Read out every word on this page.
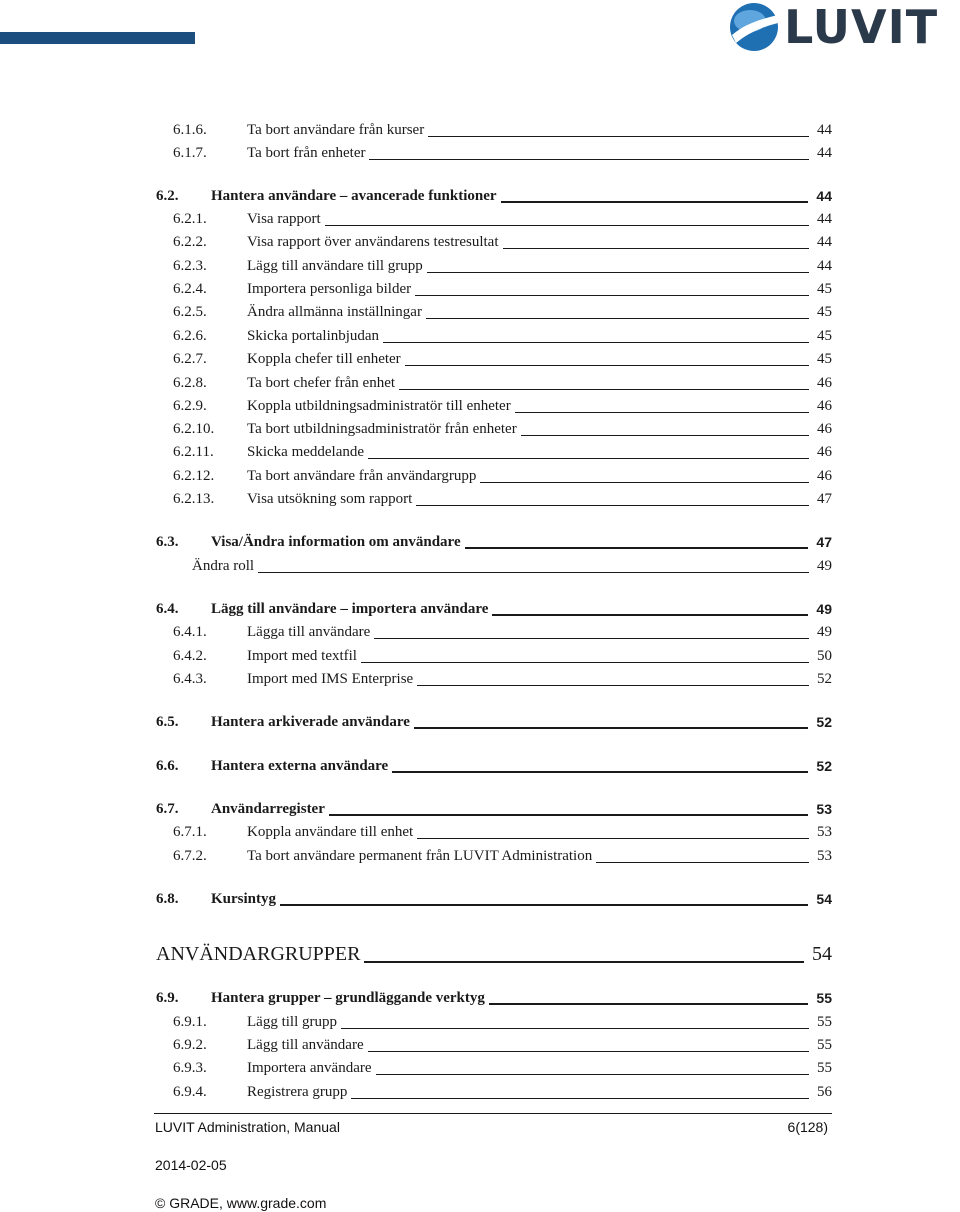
LUVIT
6.1.6.	Ta bort användare från kurser	44
6.1.7.	Ta bort från enheter	44
6.2. Hantera användare – avancerade funktioner	44
6.2.1.	Visa rapport	44
6.2.2.	Visa rapport över användarens testresultat	44
6.2.3.	Lägg till användare till grupp	44
6.2.4.	Importera personliga bilder	45
6.2.5.	Ändra allmänna inställningar	45
6.2.6.	Skicka portalinbjudan	45
6.2.7.	Koppla chefer till enheter	45
6.2.8.	Ta bort chefer från enhet	46
6.2.9.	Koppla utbildningsadministratör till enheter	46
6.2.10. Ta bort utbildningsadministratör från enheter	46
6.2.11. Skicka meddelande	46
6.2.12. Ta bort användare från användargrupp	46
6.2.13. Visa utsökning som rapport	47
6.3. Visa/Ändra information om användare	47
Ändra roll	49
6.4. Lägg till användare – importera användare	49
6.4.1.	Lägga till användare	49
6.4.2.	Import med textfil	50
6.4.3.	Import med IMS Enterprise	52
6.5. Hantera arkiverade användare	52
6.6. Hantera externa användare	52
6.7. Användarregister	53
6.7.1.	Koppla användare till enhet	53
6.7.2.	Ta bort användare permanent från LUVIT Administration	53
6.8. Kursintyg	54
ANVÄNDARGRUPPER	54
6.9. Hantera grupper – grundläggande verktyg	55
6.9.1.	Lägg till grupp	55
6.9.2.	Lägg till användare	55
6.9.3.	Importera användare	55
6.9.4.	Registrera grupp	56
LUVIT Administration, Manual	6(128)
2014-02-05
© GRADE, www.grade.com
